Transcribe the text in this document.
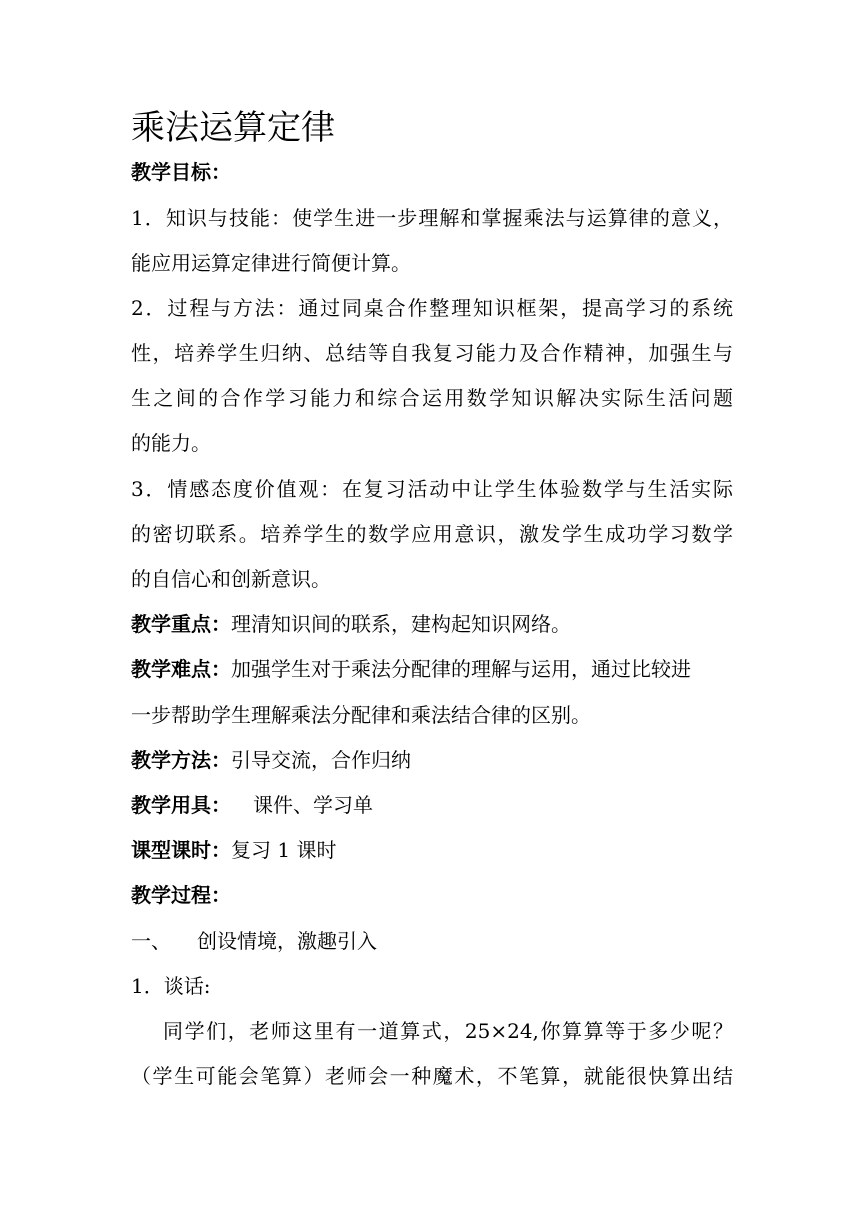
乘法运算定律
教学目标：
1．知识与技能：使学生进一步理解和掌握乘法与运算律的意义，
能应用运算定律进行简便计算。
2．过程与方法：通过同桌合作整理知识框架，提高学习的系统
性，培养学生归纳、总结等自我复习能力及合作精神，加强生与
生之间的合作学习能力和综合运用数学知识解决实际生活问题
的能力。
3．情感态度价值观：在复习活动中让学生体验数学与生活实际
的密切联系。培养学生的数学应用意识，激发学生成功学习数学
的自信心和创新意识。
教学重点：理清知识间的联系，建构起知识网络。
教学难点：加强学生对于乘法分配律的理解与运用，通过比较进
一步帮助学生理解乘法分配律和乘法结合律的区别。
教学方法：引导交流，合作归纳
教学用具： 课件、学习单
课型课时：复习 1 课时
教学过程：
一、 创设情境，激趣引入
1．谈话:
同学们，老师这里有一道算式，25×24,你算算等于多少呢？
（学生可能会笔算）老师会一种魔术，不笔算，就能很快算出结
